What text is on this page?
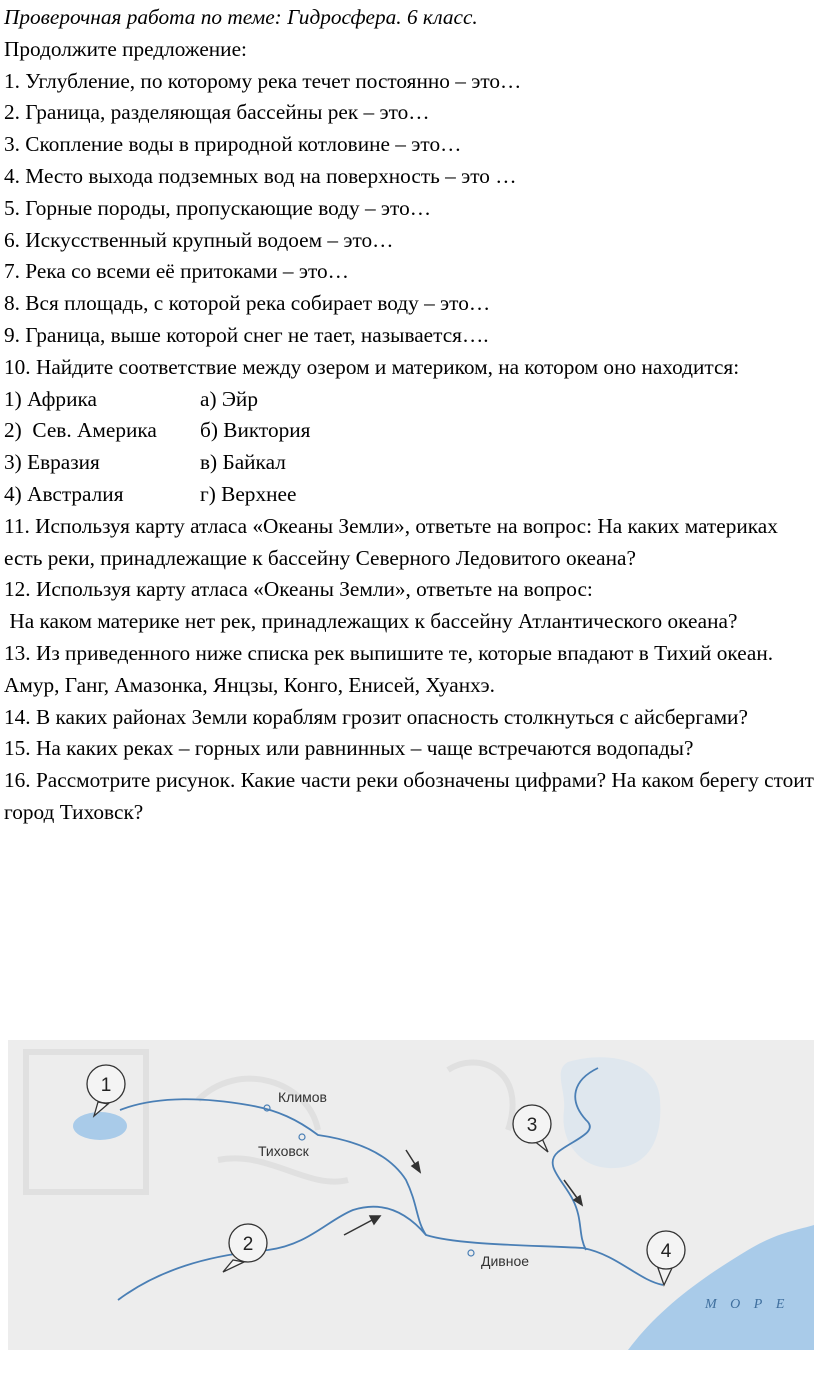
Проверочная работа по теме: Гидросфера. 6 класс.
Продолжите предложение:
1. Углубление, по которому река течет постоянно – это…
2. Граница, разделяющая бассейны рек – это…
3. Скопление воды в природной котловине – это…
4. Место выхода подземных вод на поверхность – это …
5. Горные породы, пропускающие воду – это…
6. Искусственный крупный водоем – это…
7. Река со всеми её притоками – это…
8. Вся площадь, с которой река собирает воду – это…
9. Граница, выше которой снег не тает, называется….
10. Найдите соответствие между озером и материком, на котором оно находится:
1) Африка	а) Эйр
2)  Сев. Америка б) Виктория
3) Евразия	в) Байкал
4) Австралия	г) Верхнее
11. Используя карту атласа «Океаны Земли», ответьте на вопрос: На каких материках есть реки, принадлежащие к бассейну Северного Ледовитого океана?
12. Используя карту атласа «Океаны Земли», ответьте на вопрос:
На каком материке нет рек, принадлежащих к бассейну Атлантического океана?
13. Из приведенного ниже списка рек выпишите те, которые впадают в Тихий океан.
Амур, Ганг, Амазонка, Янцзы, Конго, Енисей, Хуанхэ.
14. В каких районах Земли кораблям грозит опасность столкнуться с айсбергами?
15. На каких реках – горных или равнинных – чаще встречаются водопады?
16. Рассмотрите рисунок. Какие части реки обозначены цифрами? На каком берегу стоит город Тиховск?
Климов
Тиховск
Дивное
1
2
3
4
М О Р Е
